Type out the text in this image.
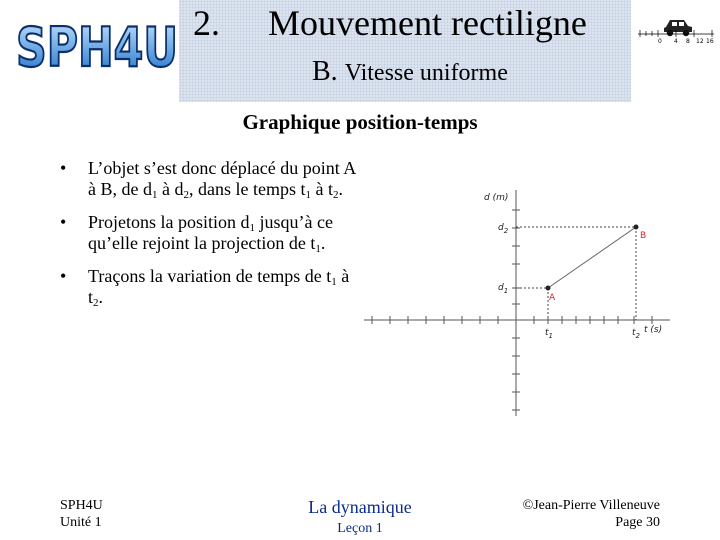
SPH4U 2. Mouvement rectiligne
B. Vitesse uniforme
0 4 8 12 16
Graphique position-temps
• L’objet s’est donc déplacé du point A à B, de $d_1$ à $d_2$, dans le temps $t_1$ à $t_2$.
• Projetons la position $d_1$ jusqu’à ce qu’elle rejoint la projection de $t_1$.
• Traçons la variation de temps de $t_1$ à $t_2$.
d (m)
t (s)
$d_2$
$d_1$
$t_1$	$t_2$
A
B
SPH4U
Unité 1
La dynamique
Leçon 1
©Jean-Pierre Villeneuve
Page 30
